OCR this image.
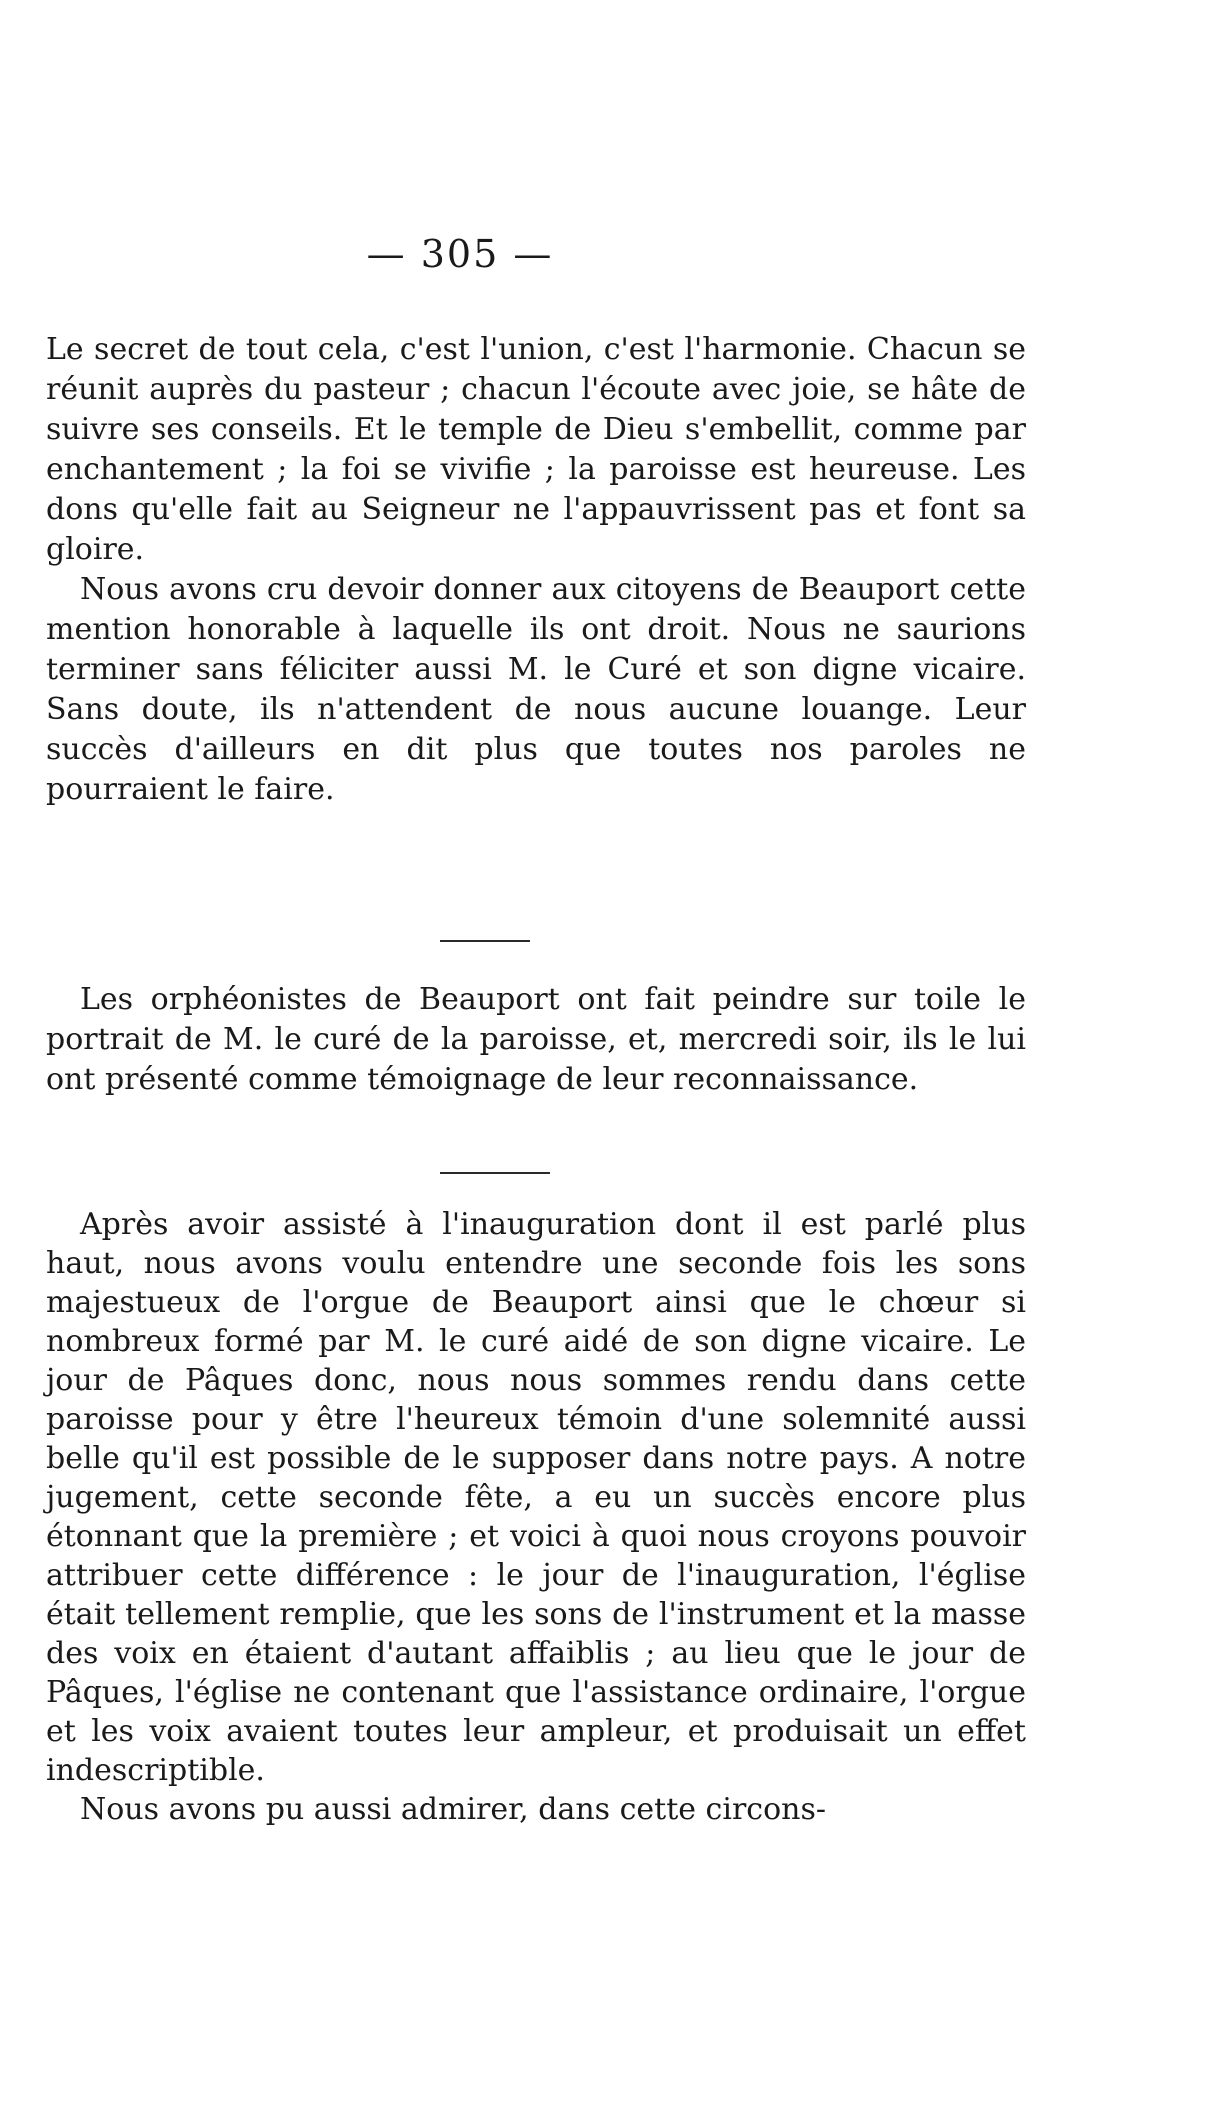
— 305 —

Le secret de tout cela, c'est l'union, c'est l'harmonie. Chacun se réunit auprès du pasteur ; chacun l'écoute avec joie, se hâte de suivre ses conseils. Et le temple de Dieu s'embellit, comme par enchantement ; la foi se vivifie ; la paroisse est heureuse. Les dons qu'elle fait au Seigneur ne l'appauvrissent pas et font sa gloire.

Nous avons cru devoir donner aux citoyens de Beauport cette mention honorable à laquelle ils ont droit. Nous ne saurions terminer sans féliciter aussi M. le Curé et son digne vicaire. Sans doute, ils n'attendent de nous aucune louange. Leur succès d'ailleurs en dit plus que toutes nos paroles ne pourraient le faire.

Les orphéonistes de Beauport ont fait peindre sur toile le portrait de M. le curé de la paroisse, et, mercredi soir, ils le lui ont présenté comme témoignage de leur reconnaissance.

Après avoir assisté à l'inauguration dont il est parlé plus haut, nous avons voulu entendre une seconde fois les sons majestueux de l'orgue de Beauport ainsi que le chœur si nombreux formé par M. le curé aidé de son digne vicaire. Le jour de Pâques donc, nous nous sommes rendu dans cette paroisse pour y être l'heureux témoin d'une solemnité aussi belle qu'il est possible de le supposer dans notre pays. A notre jugement, cette seconde fête, a eu un succès encore plus étonnant que la première ; et voici à quoi nous croyons pouvoir attribuer cette différence : le jour de l'inauguration, l'église était tellement remplie, que les sons de l'instrument et la masse des voix en étaient d'autant affaiblis ; au lieu que le jour de Pâques, l'église ne contenant que l'assistance ordinaire, l'orgue et les voix avaient toutes leur ampleur, et produisait un effet indescriptible.

Nous avons pu aussi admirer, dans cette circons-
